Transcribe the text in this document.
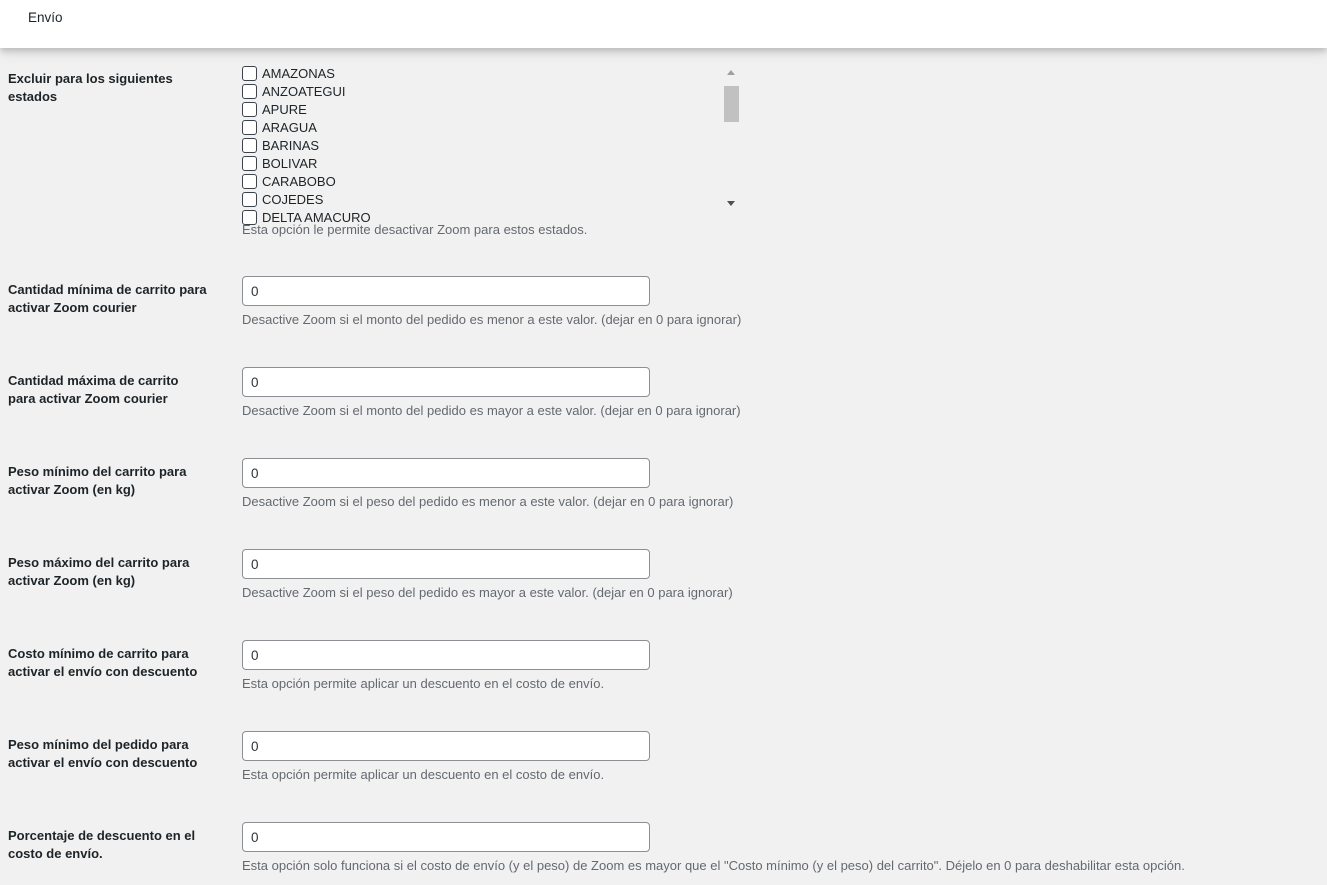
Envío
Excluir para los siguientes estados
AMAZONAS
ANZOATEGUI
APURE
ARAGUA
BARINAS
BOLIVAR
CARABOBO
COJEDES
DELTA AMACURO
Esta opción le permite desactivar Zoom para estos estados.
Cantidad mínima de carrito para activar Zoom courier
0
Desactive Zoom si el monto del pedido es menor a este valor. (dejar en 0 para ignorar)
Cantidad máxima de carrito para activar Zoom courier
0
Desactive Zoom si el monto del pedido es mayor a este valor. (dejar en 0 para ignorar)
Peso mínimo del carrito para activar Zoom (en kg)
0
Desactive Zoom si el peso del pedido es menor a este valor. (dejar en 0 para ignorar)
Peso máximo del carrito para activar Zoom (en kg)
0
Desactive Zoom si el peso del pedido es mayor a este valor. (dejar en 0 para ignorar)
Costo mínimo de carrito para activar el envío con descuento
0
Esta opción permite aplicar un descuento en el costo de envío.
Peso mínimo del pedido para activar el envío con descuento
0
Esta opción permite aplicar un descuento en el costo de envío.
Porcentaje de descuento en el costo de envío.
0
Esta opción solo funciona si el costo de envío (y el peso) de Zoom es mayor que el "Costo mínimo (y el peso) del carrito". Déjelo en 0 para deshabilitar esta opción.
